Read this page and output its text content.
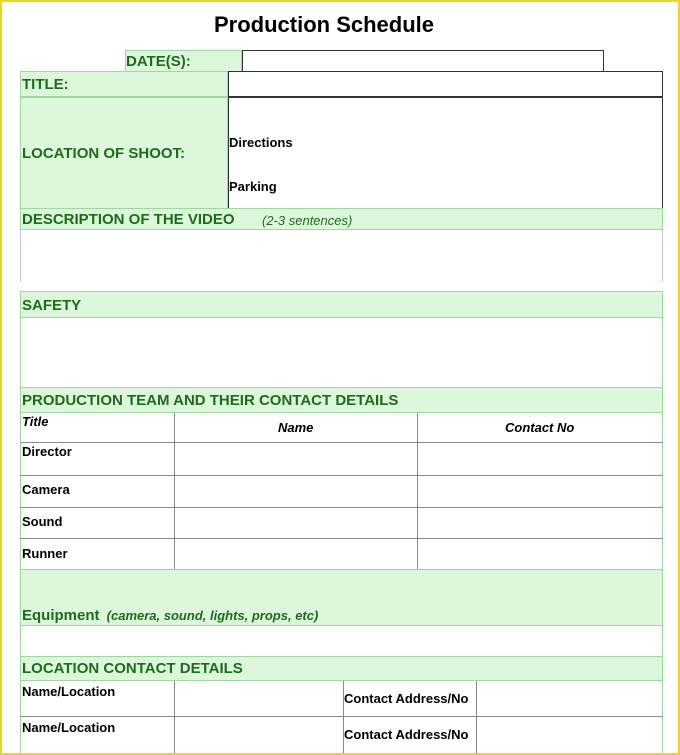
Production Schedule
DATE(S):
TITLE:
LOCATION OF SHOOT:
Directions
Parking
DESCRIPTION OF THE VIDEO (2-3 sentences)
SAFETY
PRODUCTION TEAM AND THEIR CONTACT DETAILS
Title	Name	Contact No
Director
Camera
Sound
Runner
Equipment (camera, sound, lights, props, etc)
LOCATION CONTACT DETAILS
Name/Location	Contact Address/No
Name/Location	Contact Address/No
